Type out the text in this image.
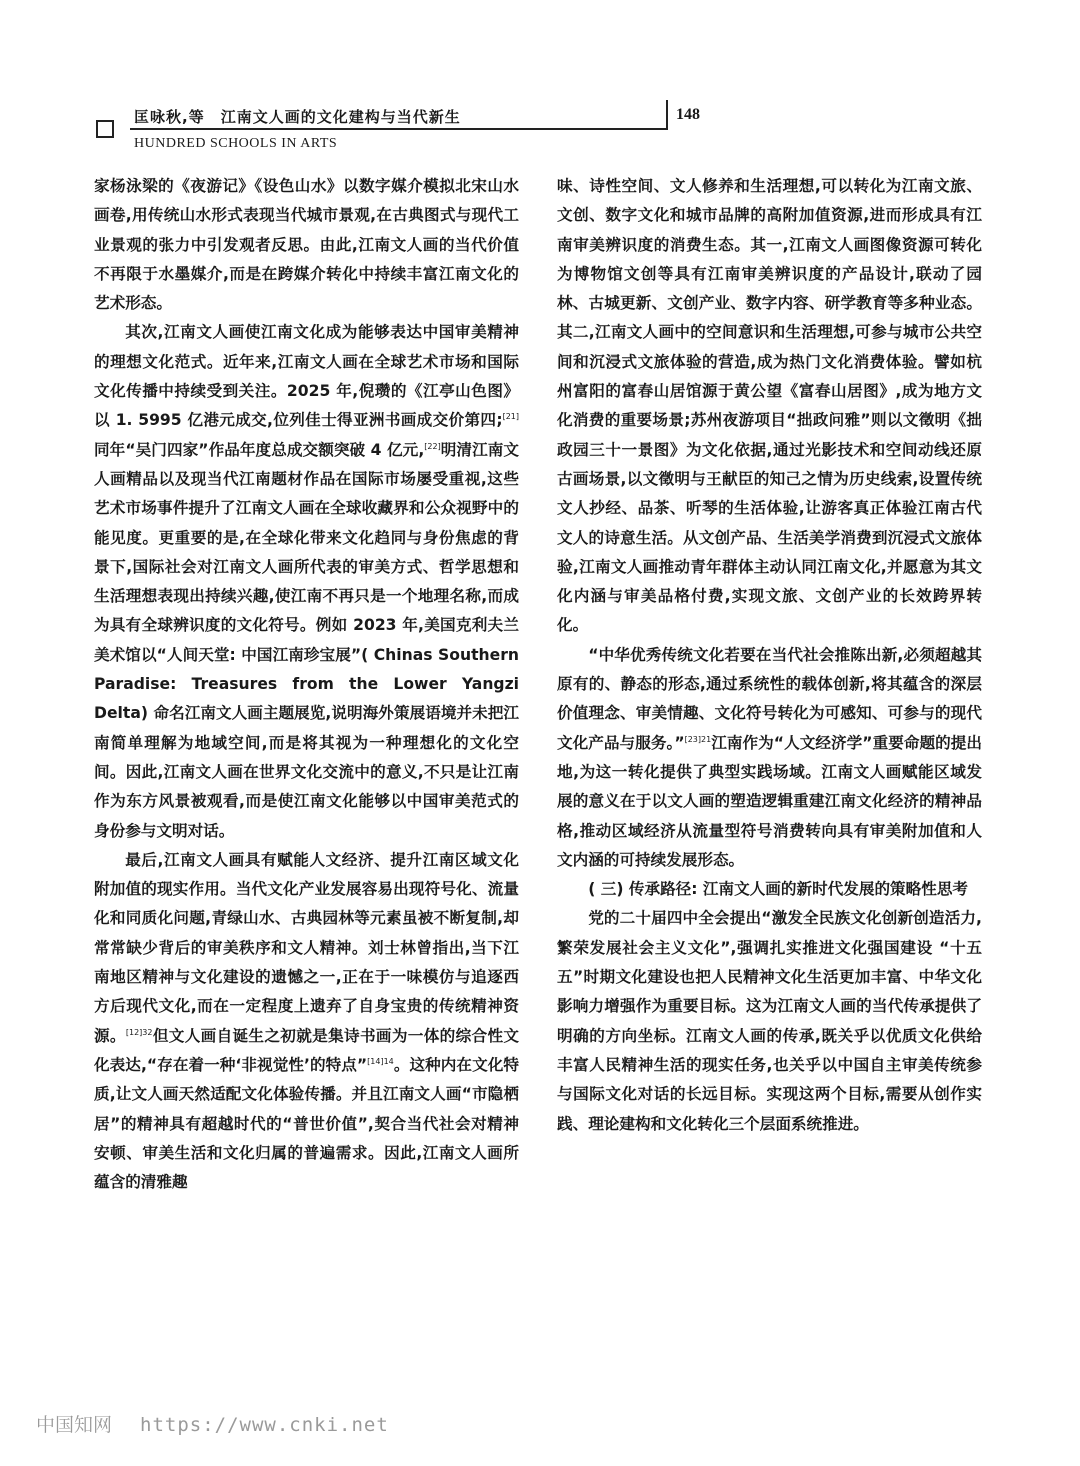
匡咏秋,等　江南文人画的文化建构与当代新生	148
HUNDRED SCHOOLS IN ARTS

家杨泳梁的《夜游记》《设色山水》以数字媒介模拟北宋山水画卷,用传统山水形式表现当代城市景观,在古典图式与现代工业景观的张力中引发观者反思。由此,江南文人画的当代价值不再限于水墨媒介,而是在跨媒介转化中持续丰富江南文化的艺术形态。

其次,江南文人画使江南文化成为能够表达中国审美精神的理想文化范式。近年来,江南文人画在全球艺术市场和国际文化传播中持续受到关注。2025 年,倪瓒的《江亭山色图》以 1. 5995 亿港元成交,位列佳士得亚洲书画成交价第四;[21]同年“吴门四家”作品年度总成交额突破 4 亿元,[22]明清江南文人画精品以及现当代江南题材作品在国际市场屡受重视,这些艺术市场事件提升了江南文人画在全球收藏界和公众视野中的能见度。更重要的是,在全球化带来文化趋同与身份焦虑的背景下,国际社会对江南文人画所代表的审美方式、哲学思想和生活理想表现出持续兴趣,使江南不再只是一个地理名称,而成为具有全球辨识度的文化符号。例如 2023 年,美国克利夫兰美术馆以“人间天堂: 中国江南珍宝展”( Chinas Southern Paradise: Treasures from the Lower Yangzi Delta) 命名江南文人画主题展览,说明海外策展语境并未把江南简单理解为地域空间,而是将其视为一种理想化的文化空间。因此,江南文人画在世界文化交流中的意义,不只是让江南作为东方风景被观看,而是使江南文化能够以中国审美范式的身份参与文明对话。

最后,江南文人画具有赋能人文经济、提升江南区域文化附加值的现实作用。当代文化产业发展容易出现符号化、流量化和同质化问题,青绿山水、古典园林等元素虽被不断复制,却常常缺少背后的审美秩序和文人精神。刘士林曾指出,当下江南地区精神与文化建设的遗憾之一,正在于一味模仿与追逐西方后现代文化,而在一定程度上遗弃了自身宝贵的传统精神资源。$^{[12]32}$但文人画自诞生之初就是集诗书画为一体的综合性文化表达,“存在着一种‘非视觉性’的特点”$^{[14]14}$。这种内在文化特质,让文人画天然适配文化体验传播。并且江南文人画“市隐栖居”的精神具有超越时代的“普世价值”,契合当代社会对精神安顿、审美生活和文化归属的普遍需求。因此,江南文人画所蕴含的清雅趣

味、诗性空间、文人修养和生活理想,可以转化为江南文旅、文创、数字文化和城市品牌的高附加值资源,进而形成具有江南审美辨识度的消费生态。其一,江南文人画图像资源可转化为博物馆文创等具有江南审美辨识度的产品设计,联动了园林、古城更新、文创产业、数字内容、研学教育等多种业态。其二,江南文人画中的空间意识和生活理想,可参与城市公共空间和沉浸式文旅体验的营造,成为热门文化消费体验。譬如杭州富阳的富春山居馆源于黄公望《富春山居图》,成为地方文化消费的重要场景;苏州夜游项目“拙政问雅”则以文徵明《拙政园三十一景图》为文化依据,通过光影技术和空间动线还原古画场景,以文徵明与王献臣的知己之情为历史线索,设置传统文人抄经、品茶、听琴的生活体验,让游客真正体验江南古代文人的诗意生活。从文创产品、生活美学消费到沉浸式文旅体验,江南文人画推动青年群体主动认同江南文化,并愿意为其文化内涵与审美品格付费,实现文旅、文创产业的长效跨界转化。

“中华优秀传统文化若要在当代社会推陈出新,必须超越其原有的、静态的形态,通过系统性的载体创新,将其蕴含的深层价值理念、审美情趣、文化符号转化为可感知、可参与的现代文化产品与服务。”$^{[23]21}$江南作为“人文经济学”重要命题的提出地,为这一转化提供了典型实践场域。江南文人画赋能区域发展的意义在于以文人画的塑造逻辑重建江南文化经济的精神品格,推动区域经济从流量型符号消费转向具有审美附加值和人文内涵的可持续发展形态。

( 三) 传承路径: 江南文人画的新时代发展的策略性思考

党的二十届四中全会提出“激发全民族文化创新创造活力,繁荣发展社会主义文化”,强调扎实推进文化强国建设 “十五五”时期文化建设也把人民精神文化生活更加丰富、中华文化影响力增强作为重要目标。这为江南文人画的当代传承提供了明确的方向坐标。江南文人画的传承,既关乎以优质文化供给丰富人民精神生活的现实任务,也关乎以中国自主审美传统参与国际文化对话的长远目标。实现这两个目标,需要从创作实践、理论建构和文化转化三个层面系统推进。

中国知网 https://www.cnki.net
